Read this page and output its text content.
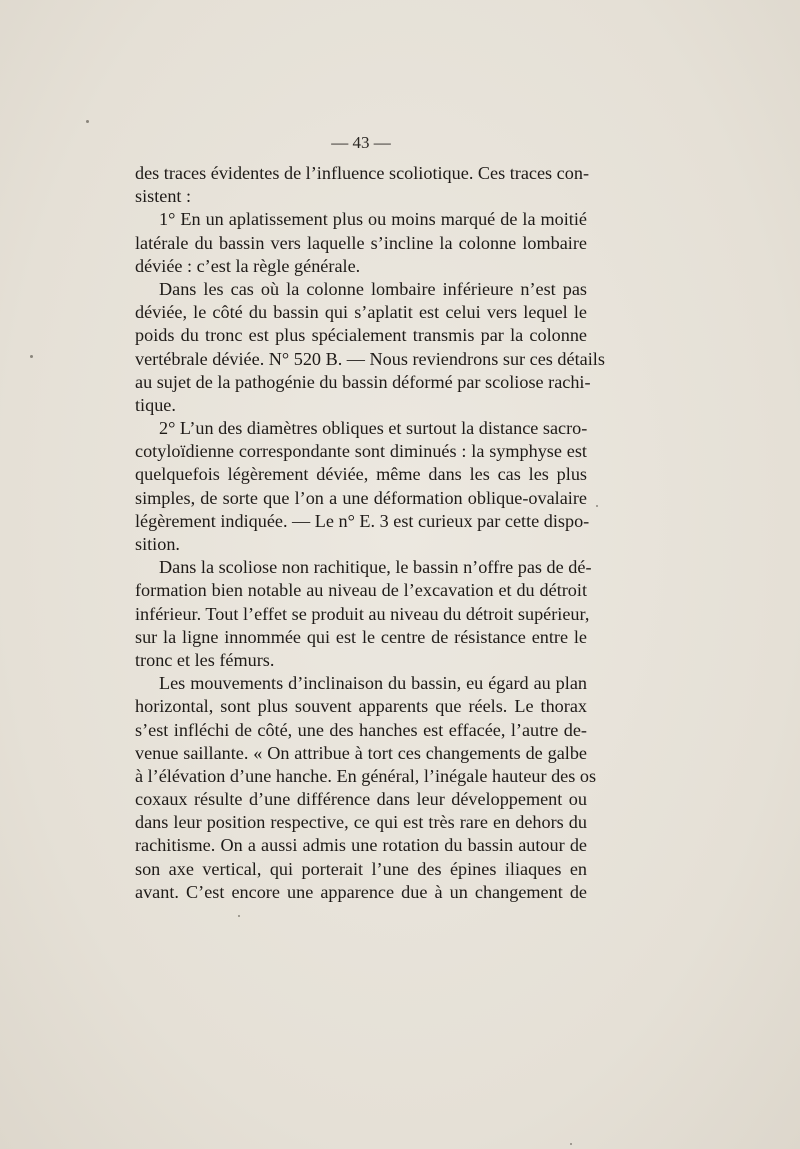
— 43 —
des traces évidentes de l’influence scoliotique. Ces traces con-
sistent :
1° En un aplatissement plus ou moins marqué de la moitié
latérale du bassin vers laquelle s’incline la colonne lombaire
déviée : c’est la règle générale.
Dans les cas où la colonne lombaire inférieure n’est pas
déviée, le côté du bassin qui s’aplatit est celui vers lequel le
poids du tronc est plus spécialement transmis par la colonne
vertébrale déviée. N° 520 B. — Nous reviendrons sur ces détails
au sujet de la pathogénie du bassin déformé par scoliose rachi-
tique.
2° L’un des diamètres obliques et surtout la distance sacro-
cotyloïdienne correspondante sont diminués : la symphyse est
quelquefois légèrement déviée, même dans les cas les plus
simples, de sorte que l’on a une déformation oblique-ovalaire
légèrement indiquée. — Le n° E. 3 est curieux par cette dispo-
sition.
Dans la scoliose non rachitique, le bassin n’offre pas de dé-
formation bien notable au niveau de l’excavation et du détroit
inférieur. Tout l’effet se produit au niveau du détroit supérieur,
sur la ligne innommée qui est le centre de résistance entre le
tronc et les fémurs.
Les mouvements d’inclinaison du bassin, eu égard au plan
horizontal, sont plus souvent apparents que réels. Le thorax
s’est infléchi de côté, une des hanches est effacée, l’autre de-
venue saillante. « On attribue à tort ces changements de galbe
à l’élévation d’une hanche. En général, l’inégale hauteur des os
coxaux résulte d’une différence dans leur développement ou
dans leur position respective, ce qui est très rare en dehors du
rachitisme. On a aussi admis une rotation du bassin autour de
son axe vertical, qui porterait l’une des épines iliaques en
avant. C’est encore une apparence due à un changement de
